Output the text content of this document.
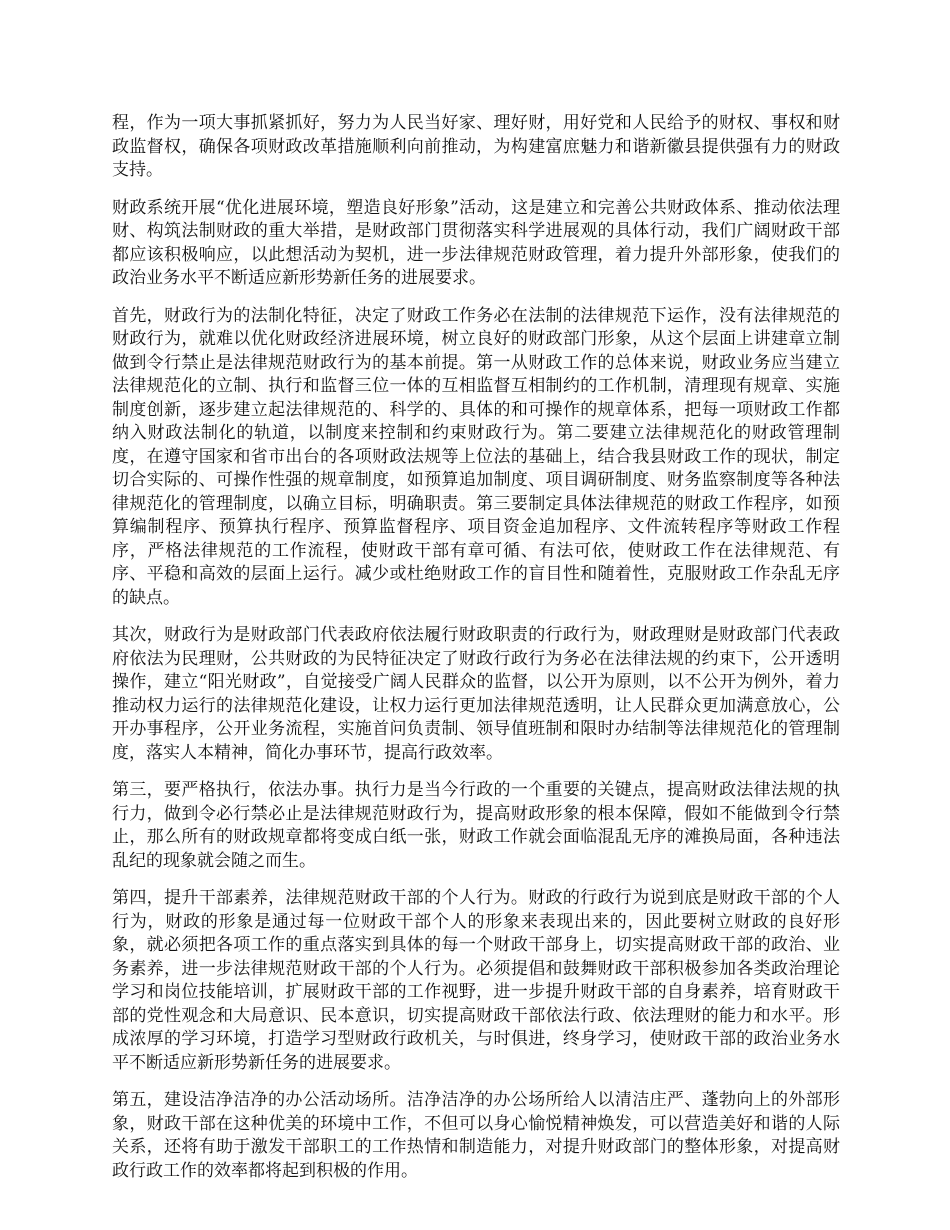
程，作为一项大事抓紧抓好，努力为人民当好家、理好财，用好党和人民给予的财权、事权和财政监督权，确保各项财政改革措施顺利向前推动，为构建富庶魅力和谐新徽县提供强有力的财政支持。

财政系统开展“优化进展环境，塑造良好形象”活动，这是建立和完善公共财政体系、推动依法理财、构筑法制财政的重大举措，是财政部门贯彻落实科学进展观的具体行动，我们广阔财政干部都应该积极响应，以此想活动为契机，进一步法律规范财政管理，着力提升外部形象，使我们的政治业务水平不断适应新形势新任务的进展要求。

首先，财政行为的法制化特征，决定了财政工作务必在法制的法律规范下运作，没有法律规范的财政行为，就难以优化财政经济进展环境，树立良好的财政部门形象，从这个层面上讲建章立制做到令行禁止是法律规范财政行为的基本前提。第一从财政工作的总体来说，财政业务应当建立法律规范化的立制、执行和监督三位一体的互相监督互相制约的工作机制，清理现有规章、实施制度创新，逐步建立起法律规范的、科学的、具体的和可操作的规章体系，把每一项财政工作都纳入财政法制化的轨道，以制度来控制和约束财政行为。第二要建立法律规范化的财政管理制度，在遵守国家和省市出台的各项财政法规等上位法的基础上，结合我县财政工作的现状，制定切合实际的、可操作性强的规章制度，如预算追加制度、项目调研制度、财务监察制度等各种法律规范化的管理制度，以确立目标，明确职责。第三要制定具体法律规范的财政工作程序，如预算编制程序、预算执行程序、预算监督程序、项目资金追加程序、文件流转程序等财政工作程序，严格法律规范的工作流程，使财政干部有章可循、有法可依，使财政工作在法律规范、有序、平稳和高效的层面上运行。减少或杜绝财政工作的盲目性和随着性，克服财政工作杂乱无序的缺点。

其次，财政行为是财政部门代表政府依法履行财政职责的行政行为，财政理财是财政部门代表政府依法为民理财，公共财政的为民特征决定了财政行政行为务必在法律法规的约束下，公开透明操作，建立“阳光财政”，自觉接受广阔人民群众的监督，以公开为原则，以不公开为例外，着力推动权力运行的法律规范化建设，让权力运行更加法律规范透明，让人民群众更加满意放心，公开办事程序，公开业务流程，实施首问负责制、领导值班制和限时办结制等法律规范化的管理制度，落实人本精神，简化办事环节，提高行政效率。

第三，要严格执行，依法办事。执行力是当今行政的一个重要的关键点，提高财政法律法规的执行力，做到令必行禁必止是法律规范财政行为，提高财政形象的根本保障，假如不能做到令行禁止，那么所有的财政规章都将变成白纸一张，财政工作就会面临混乱无序的滩换局面，各种违法乱纪的现象就会随之而生。

第四，提升干部素养，法律规范财政干部的个人行为。财政的行政行为说到底是财政干部的个人行为，财政的形象是通过每一位财政干部个人的形象来表现出来的，因此要树立财政的良好形象，就必须把各项工作的重点落实到具体的每一个财政干部身上，切实提高财政干部的政治、业务素养，进一步法律规范财政干部的个人行为。必须提倡和鼓舞财政干部积极参加各类政治理论学习和岗位技能培训，扩展财政干部的工作视野，进一步提升财政干部的自身素养，培育财政干部的党性观念和大局意识、民本意识，切实提高财政干部依法行政、依法理财的能力和水平。形成浓厚的学习环境，打造学习型财政行政机关，与时俱进，终身学习，使财政干部的政治业务水平不断适应新形势新任务的进展要求。

第五，建设洁净洁净的办公活动场所。洁净洁净的办公场所给人以清洁庄严、蓬勃向上的外部形象，财政干部在这种优美的环境中工作，不但可以身心愉悦精神焕发，可以营造美好和谐的人际关系，还将有助于激发干部职工的工作热情和制造能力，对提升财政部门的整体形象，对提高财政行政工作的效率都将起到积极的作用。
